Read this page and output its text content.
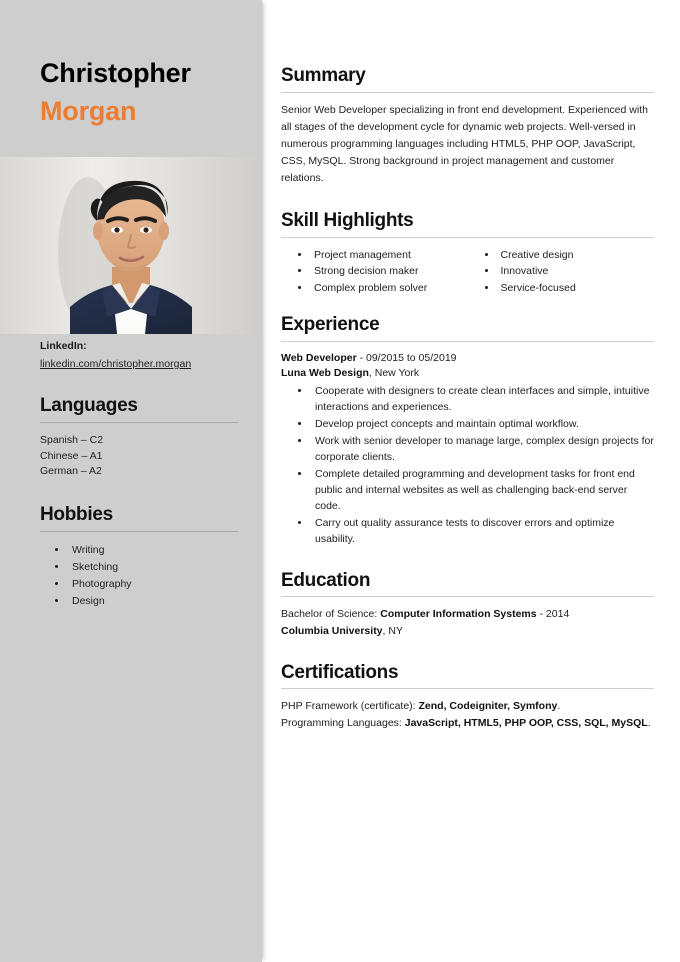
Christopher
Morgan
LinkedIn:
linkedin.com/christopher.morgan
Languages
Spanish – C2
Chinese – A1
German – A2
Hobbies
• Writing
• Sketching
• Photography
• Design
Summary
Senior Web Developer specializing in front end development. Experienced with all stages of the development cycle for dynamic web projects. Well-versed in numerous programming languages including HTML5, PHP OOP, JavaScript, CSS, MySQL. Strong background in project management and customer relations.
Skill Highlights
• Project management
• Strong decision maker
• Complex problem solver
• Creative design
• Innovative
• Service-focused
Experience
Web Developer - 09/2015 to 05/2019
Luna Web Design, New York
• Cooperate with designers to create clean interfaces and simple, intuitive interactions and experiences.
• Develop project concepts and maintain optimal workflow.
• Work with senior developer to manage large, complex design projects for corporate clients.
• Complete detailed programming and development tasks for front end public and internal websites as well as challenging back-end server code.
• Carry out quality assurance tests to discover errors and optimize usability.
Education
Bachelor of Science: Computer Information Systems - 2014
Columbia University, NY
Certifications
PHP Framework (certificate): Zend, Codeigniter, Symfony.
Programming Languages: JavaScript, HTML5, PHP OOP, CSS, SQL, MySQL.
